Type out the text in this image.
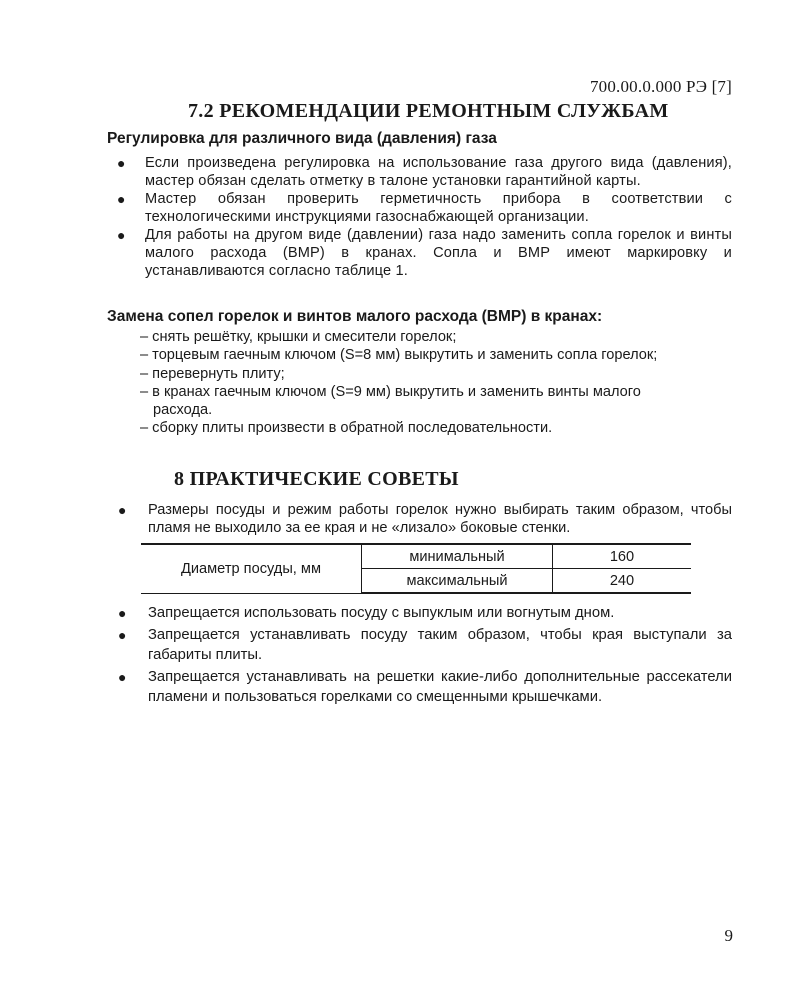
700.00.0.000 РЭ [7]
7.2 РЕКОМЕНДАЦИИ РЕМОНТНЫМ СЛУЖБАМ
Регулировка для различного вида (давления) газа
● Если произведена регулировка на использование газа другого вида (давления), мастер обязан сделать отметку в талоне установки гарантийной карты.
● Мастер обязан проверить герметичность прибора в соответствии с технологическими инструкциями газоснабжающей организации.
● Для работы на другом виде (давлении) газа надо заменить сопла горелок и винты малого расхода (ВМР) в кранах. Сопла и ВМР имеют маркировку и устанавливаются согласно таблице 1.
Замена сопел горелок и винтов малого расхода (ВМР) в кранах:
– снять решётку, крышки и смесители горелок;
– торцевым гаечным ключом (S=8 мм) выкрутить и заменить сопла горелок;
– перевернуть плиту;
– в кранах гаечным ключом (S=9 мм) выкрутить и заменить винты малого
расхода.
– сборку плиты произвести в обратной последовательности.
8 ПРАКТИЧЕСКИЕ СОВЕТЫ
● Размеры посуды и режим работы горелок нужно выбирать таким образом, чтобы пламя не выходило за ее края и не «лизало» боковые стенки.
Диаметр посуды, мм	минимальный	160
	максимальный	240
● Запрещается использовать посуду с выпуклым или вогнутым дном.
● Запрещается устанавливать посуду таким образом, чтобы края выступали за габариты плиты.
● Запрещается устанавливать на решетки какие-либо дополнительные рассекатели пламени и пользоваться горелками со смещенными крышечками.
9
